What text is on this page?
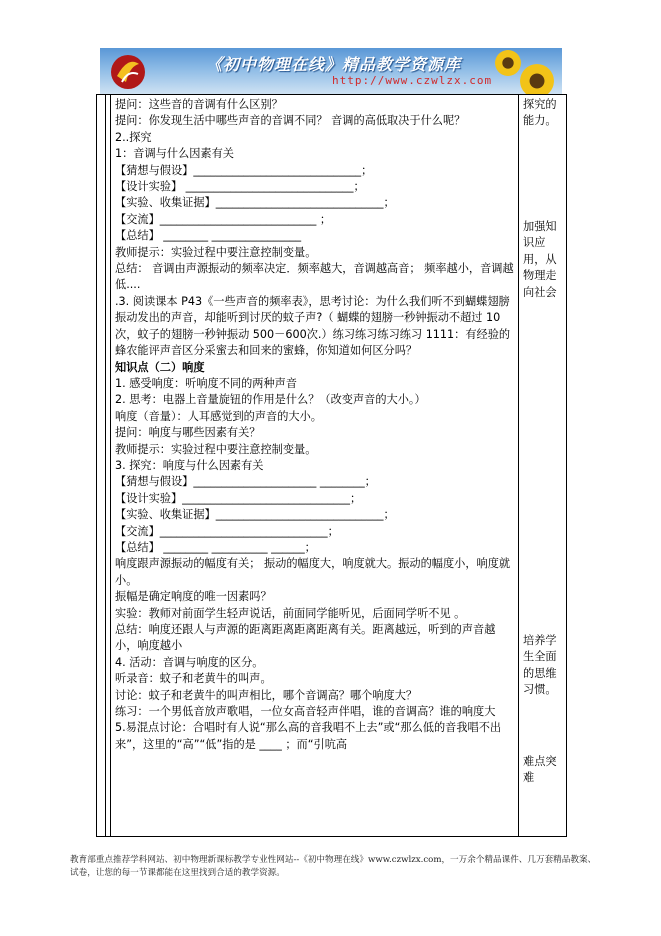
《初中物理在线》精品教学资源库
http://www.czwlzx.com

提问：这些音的音调有什么区别？

提问：你发现生活中哪些声音的音调不同？ 音调的高低取决于什么呢？

2..探究

1：音调与什么因素有关

【猜想与假设】______________________________；

【设计实验】 ______________________________；

【实验、收集证据】______________________________；

【交流】____________________________ ；

【总结】 ________ ________________

教师提示：实验过程中要注意控制变量。

总结： 音调由声源振动的频率决定．频率越大，音调越高音； 频率越小，音调越低....

.3. 阅读课本 P43《一些声音的频率表》，思考讨论：为什么我们听不到蝴蝶翅膀振动发出的声音，却能听到讨厌的蚊子声?（ 蝴蝶的翅膀一秒钟振动不超过 10次，蚊子的翅膀一秒钟振动 500－600次.）练习练习练习练习 1111：有经验的蜂农能评声音区分采蜜去和回来的蜜蜂，你知道如何区分吗？

知识点（二）响度

1. 感受响度：听响度不同的两种声音

2. 思考：电器上音量旋钮的作用是什么？（改变声音的大小。）

响度（音量）：人耳感觉到的声音的大小。

提问：响度与哪些因素有关？

教师提示：实验过程中要注意控制变量。

3. 探究：响度与什么因素有关

【猜想与假设】______________________ ________；

【设计实验】______________________________；

【实验、收集证据】______________________________；

【交流】______________________________；

【总结】 ________ __________ ______；

响度跟声源振动的幅度有关； 振动的幅度大，响度就大。振动的幅度小，响度就小。

振幅是确定响度的唯一因素吗？

实验：教师对前面学生轻声说话，前面同学能听见，后面同学听不见 。

总结：响度还跟人与声源的距离距离距离距离有关。距离越远，听到的声音越小，响度越小

4. 活动：音调与响度的区分。

听录音：蚊子和老黄牛的叫声。

讨论：蚊子和老黄牛的叫声相比，哪个音调高？哪个响度大？

练习：一个男低音放声歌唱，一位女高音轻声伴唱，谁的音调高？谁的响度大

5.易混点讨论：合唱时有人说“那么高的音我唱不上去”或“那么低的音我唱不出来”，这里的“高”“低”指的是 ____ ；而“引吭高

探究的能力。

加强知识应用，从物理走向社会

培养学生全面的思维习惯。

难点突难

教育部重点推荐学科网站、初中物理新课标教学专业性网站--《初中物理在线》www.czwlzx.com，一万余个精品课件、几万套精品教案、试卷，让您的每一节课都能在这里找到合适的教学资源。
